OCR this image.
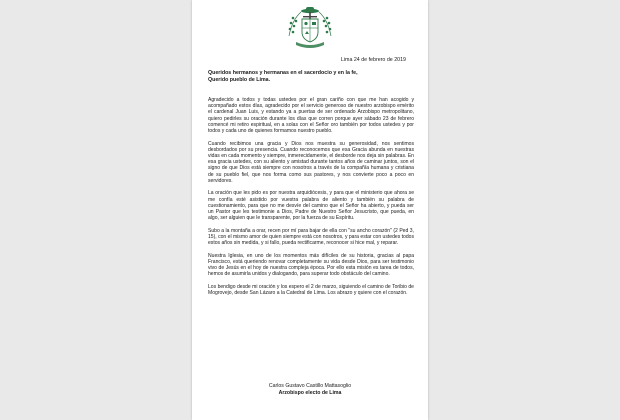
Lima 24 de febrero de 2019
Queridos hermanos y hermanas en el sacerdocio y en la fe,
Querido pueblo de Lima.

Agradecido a todos y todas ustedes por el gran cariño con que me han acogido y acompañado estos días, agradecido por el servicio generoso de nuestro arzobispo emérito el cardenal Juan Luis, y estando ya a puertas de ser ordenado Arzobispo metropolitano, quiero pedirles su oración durante los días que corren porque ayer sábado 23 de febrero comencé mi retiro espiritual, en a solas con el Señor oro también por todos ustedes y por todos y cada uno de quienes formamos nuestro pueblo.

Cuando recibimos una gracia y Dios nos muestra su generosidad, nos sentimos desbordados por su presencia. Cuando reconocemos que esa Gracia abunda en nuestras vidas en cada momento y siempre, inmerecidamente, el desborde nos deja sin palabras. En esa gracia ustedes, con su aliento y amistad durante tantos años de caminar juntos, son el signo de que Dios está siempre con nosotros a través de la compañía humana y cristiana de su pueblo fiel, que nos forma como sus pastores, y nos convierte poco a poco en servidores.

La oración que les pido es por nuestra arquidiócesis, y para que el ministerio que ahora se me confía esté asistido por vuestra palabra de aliento y también su palabra de cuestionamiento, para que no me desvíe del camino que el Señor ha abierto, y pueda ser un Pastor que les testimonie a Dios, Padre de Nuestro Señor Jesucristo, que pueda, en algo, ser alguien que le transparente, por la fuerza de su Espíritu.

Subo a la montaña a orar, recen por mí para bajar de ella con "su ancho corazón" (2 Ped 3, 15), con el mismo amor de quien siempre está con nosotros, y para estar con ustedes todos estos años sin medida, y si fallo, pueda rectificarme, reconocer si hice mal, y reparar.

Nuestra Iglesia, en uno de los momentos más difíciles de su historia, gracias al papa Francisco, está queriendo renovar completamente su vida desde Dios, para ser testimonio vivo de Jesús en el hoy de nuestra compleja época. Por ello esta misión es tarea de todos, hemos de asumirla unidos y dialogando, para superar todo obstáculo del camino.

Los bendigo desde mi oración y los espero el 2 de marzo, siguiendo el camino de Toribio de Mogrovejo, desde San Lázaro a la Catedral de Lima. Los abrazo y quiere con el corazón.

Carlos Gustavo Castillo Mattasoglio
Arzobispo electo de Lima
